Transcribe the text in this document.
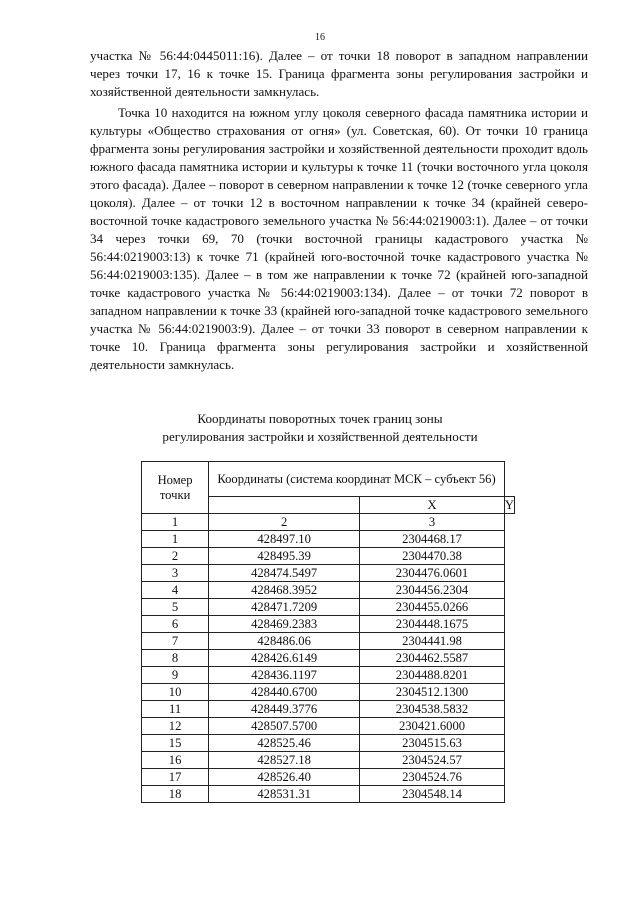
16

участка № 56:44:0445011:16). Далее – от точки 18 поворот в западном направлении через точки 17, 16 к точке 15. Граница фрагмента зоны регулирования застройки и хозяйственной деятельности замкнулась.

Точка 10 находится на южном углу цоколя северного фасада памятника истории и культуры «Общество страхования от огня» (ул. Советская, 60). От точки 10 граница фрагмента зоны регулирования застройки и хозяйственной деятельности проходит вдоль южного фасада памятника истории и культуры к точке 11 (точки восточного угла цоколя этого фасада). Далее – поворот в северном направлении к точке 12 (точке северного угла цоколя). Далее – от точки 12 в восточном направлении к точке 34 (крайней северо-восточной точке кадастрового земельного участка № 56:44:0219003:1). Далее – от точки 34 через точки 69, 70 (точки восточной границы кадастрового участка № 56:44:0219003:13) к точке 71 (крайней юго-восточной точке кадастрового участка № 56:44:0219003:135). Далее – в том же направлении к точке 72 (крайней юго-западной точке кадастрового участка № 56:44:0219003:134). Далее – от точки 72 поворот в западном направлении к точке 33 (крайней юго-западной точке кадастрового земельного участка № 56:44:0219003:9). Далее – от точки 33 поворот в северном направлении к точке 10. Граница фрагмента зоны регулирования застройки и хозяйственной деятельности замкнулась.

Координаты поворотных точек границ зоны
регулирования застройки и хозяйственной деятельности
Номер точки	Координаты (система координат МСК – субъект 56)		
		X	Y
1	2	3	
1	428497.10	2304468.17	
2	428495.39	2304470.38	
3	428474.5497	2304476.0601	
4	428468.3952	2304456.2304	
5	428471.7209	2304455.0266	
6	428469.2383	2304448.1675	
7	428486.06	2304441.98	
8	428426.6149	2304462.5587	
9	428436.1197	2304488.8201	
10	428440.6700	2304512.1300	
11	428449.3776	2304538.5832	
12	428507.5700	230421.6000	
15	428525.46	2304515.63	
16	428527.18	2304524.57	
17	428526.40	2304524.76	
18	428531.31	2304548.14	
